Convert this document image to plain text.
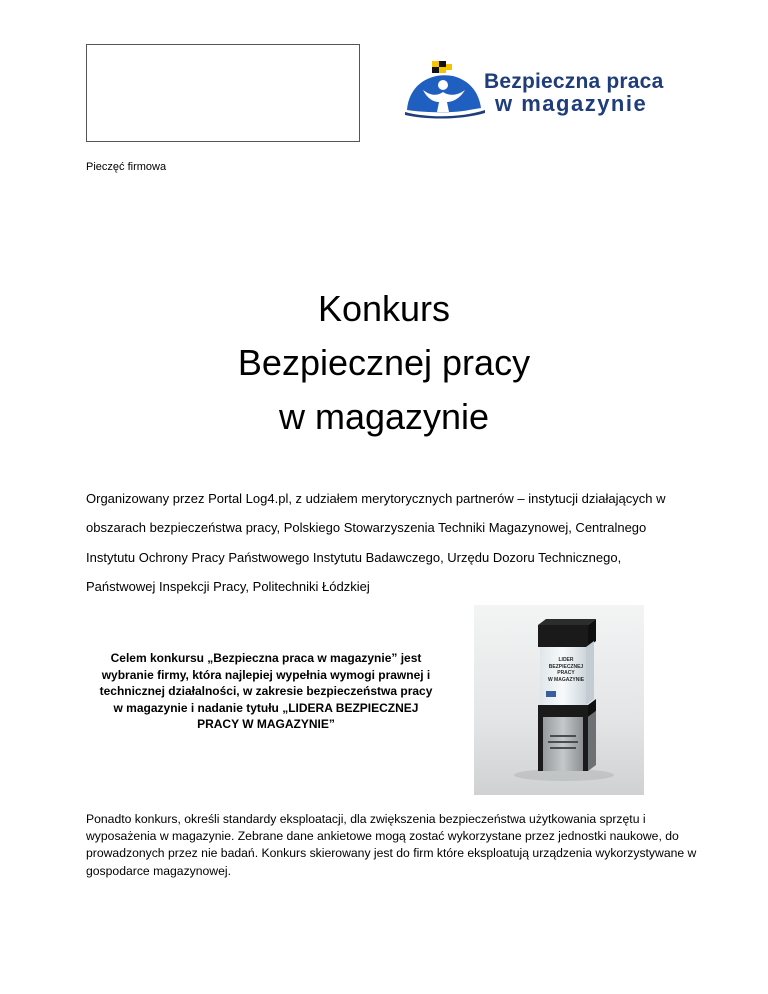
Pieczęć firmowa
Bezpieczna praca
w magazynie
Konkurs
Bezpiecznej pracy
w magazynie
Organizowany przez Portal Log4.pl, z udziałem merytorycznych partnerów – instytucji działających w obszarach bezpieczeństwa pracy, Polskiego Stowarzyszenia Techniki Magazynowej, Centralnego Instytutu Ochrony Pracy Państwowego Instytutu Badawczego, Urzędu Dozoru Technicznego, Państwowej Inspekcji Pracy, Politechniki Łódzkiej
Celem konkursu „Bezpieczna praca w magazynie” jest wybranie firmy, która najlepiej wypełnia wymogi prawnej i technicznej działalności, w zakresie bezpieczeństwa pracy w magazynie i nadanie tytułu „LIDERA BEZPIECZNEJ PRACY W MAGAZYNIE”
LIDER
BEZPIECZNEJ
PRACY
W MAGAZYNIE
Ponadto konkurs, określi standardy eksploatacji, dla zwiększenia bezpieczeństwa użytkowania sprzętu i wyposażenia w magazynie. Zebrane dane ankietowe mogą zostać wykorzystane przez jednostki naukowe, do prowadzonych przez nie badań. Konkurs skierowany jest do firm które eksploatują urządzenia wykorzystywane w gospodarce magazynowej.
